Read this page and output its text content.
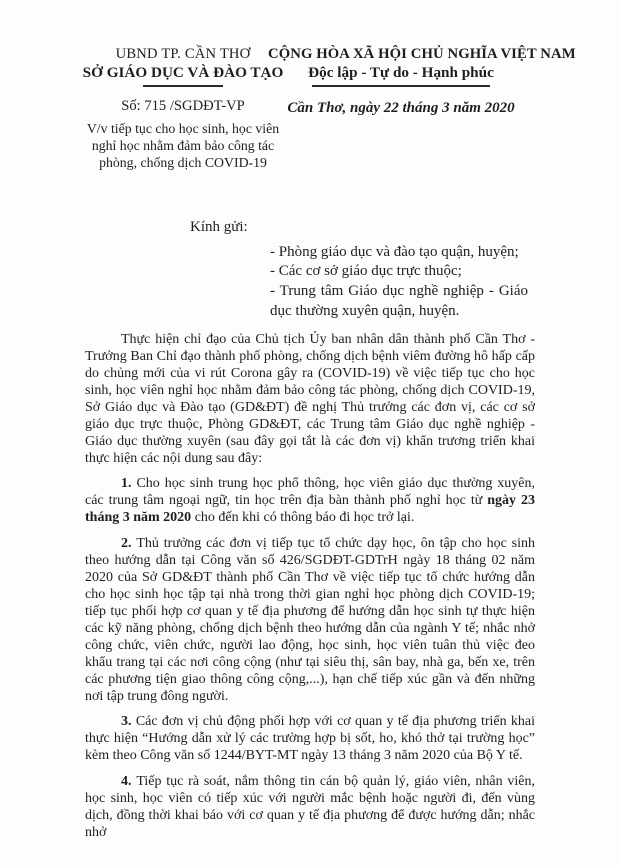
UBND TP. CẦN THƠ
SỞ GIÁO DỤC VÀ ĐÀO TẠO
Số: 715 /SGDĐT-VP
V/v tiếp tục cho học sinh, học viên
nghỉ học nhằm đảm bảo công tác
phòng, chống dịch COVID-19
CỘNG HÒA XÃ HỘI CHỦ NGHĨA VIỆT NAM
Độc lập - Tự do - Hạnh phúc
Cần Thơ, ngày 22 tháng 3 năm 2020
Kính gửi:
- Phòng giáo dục và đào tạo quận, huyện;
- Các cơ sở giáo dục trực thuộc;
- Trung tâm Giáo dục nghề nghiệp - Giáo dục thường xuyên quận, huyện.

Thực hiện chỉ đạo của Chủ tịch Ủy ban nhân dân thành phố Cần Thơ - Trưởng Ban Chỉ đạo thành phố phòng, chống dịch bệnh viêm đường hô hấp cấp do chủng mới của vi rút Corona gây ra (COVID-19) về việc tiếp tục cho học sinh, học viên nghỉ học nhằm đảm bảo công tác phòng, chống dịch COVID-19, Sở Giáo dục và Đào tạo (GD&ĐT) đề nghị Thủ trưởng các đơn vị, các cơ sở giáo dục trực thuộc, Phòng GD&ĐT, các Trung tâm Giáo dục nghề nghiệp - Giáo dục thường xuyên (sau đây gọi tắt là các đơn vị) khẩn trương triển khai thực hiện các nội dung sau đây:

1. Cho học sinh trung học phổ thông, học viên giáo dục thường xuyên, các trung tâm ngoại ngữ, tin học trên địa bàn thành phố nghỉ học từ ngày 23 tháng 3 năm 2020 cho đến khi có thông báo đi học trở lại.

2. Thủ trưởng các đơn vị tiếp tục tổ chức dạy học, ôn tập cho học sinh theo hướng dẫn tại Công văn số 426/SGDĐT-GDTrH ngày 18 tháng 02 năm 2020 của Sở GD&ĐT thành phố Cần Thơ về việc tiếp tục tổ chức hướng dẫn cho học sinh học tập tại nhà trong thời gian nghỉ học phòng dịch COVID-19; tiếp tục phối hợp cơ quan y tế địa phương để hướng dẫn học sinh tự thực hiện các kỹ năng phòng, chống dịch bệnh theo hướng dẫn của ngành Y tế; nhắc nhở công chức, viên chức, người lao động, học sinh, học viên tuân thủ việc đeo khẩu trang tại các nơi công cộng (như tại siêu thị, sân bay, nhà ga, bến xe, trên các phương tiện giao thông công cộng,...), hạn chế tiếp xúc gần và đến những nơi tập trung đông người.

3. Các đơn vị chủ động phối hợp với cơ quan y tế địa phương triển khai thực hiện “Hướng dẫn xử lý các trường hợp bị sốt, ho, khó thở tại trường học” kèm theo Công văn số 1244/BYT-MT ngày 13 tháng 3 năm 2020 của Bộ Y tế.

4. Tiếp tục rà soát, nắm thông tin cán bộ quản lý, giáo viên, nhân viên, học sinh, học viên có tiếp xúc với người mắc bệnh hoặc người đi, đến vùng dịch, đồng thời khai báo với cơ quan y tế địa phương để được hướng dẫn; nhắc nhở
